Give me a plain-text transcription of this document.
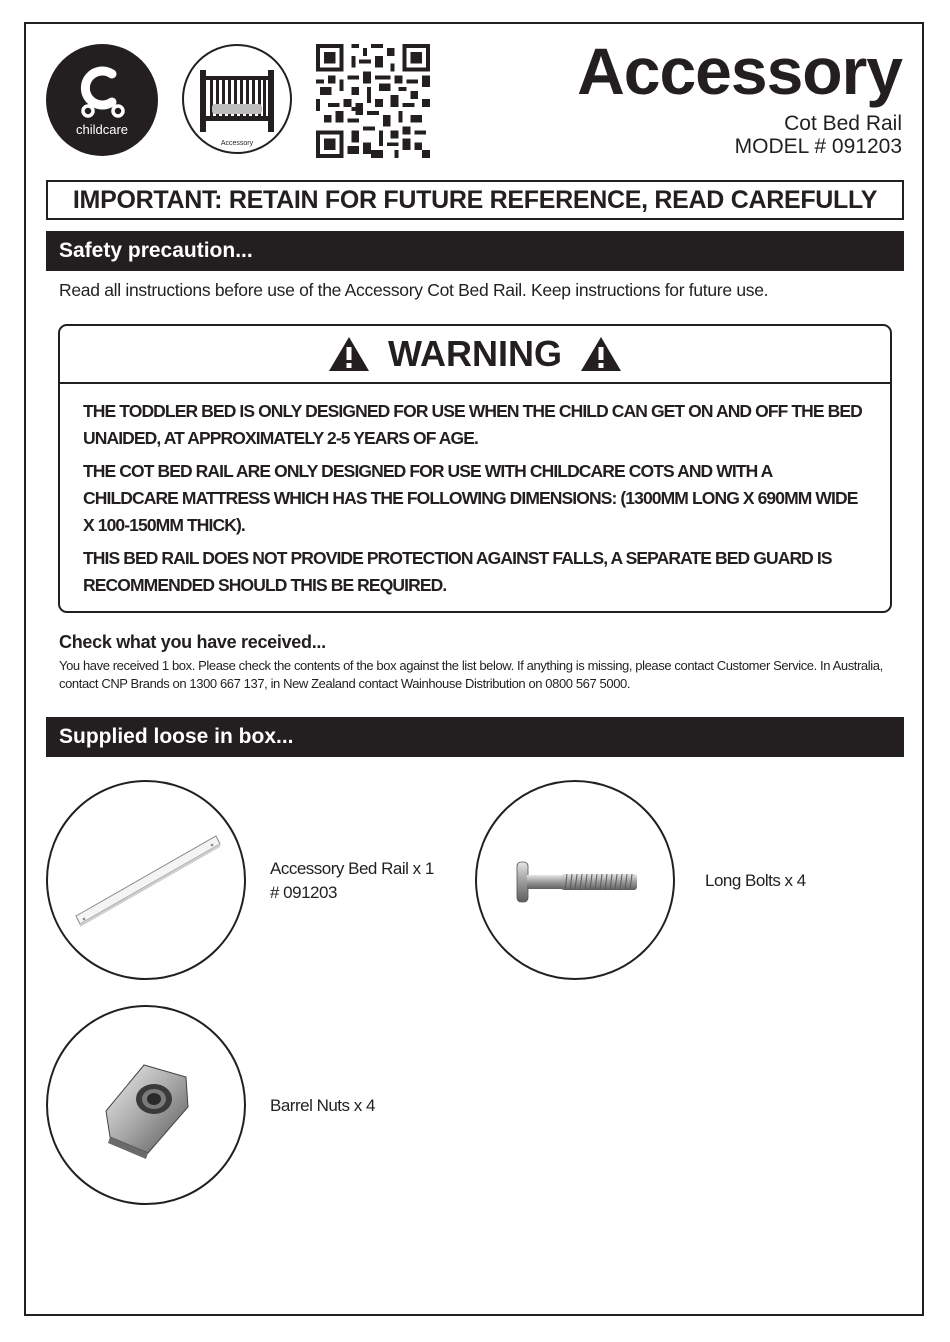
childcare
Accessory
Accessory
Cot Bed Rail
MODEL # 091203
IMPORTANT: RETAIN FOR FUTURE REFERENCE, READ CAREFULLY
Safety precaution...
Read all instructions before use of the Accessory Cot Bed Rail. Keep instructions for future use.
WARNING

THE TODDLER BED IS ONLY DESIGNED FOR USE WHEN THE CHILD CAN GET ON AND OFF THE BED UNAIDED, AT APPROXIMATELY 2-5 YEARS OF AGE.

THE COT BED RAIL ARE ONLY DESIGNED FOR USE WITH CHILDCARE COTS AND WITH A CHILDCARE MATTRESS WHICH HAS THE FOLLOWING DIMENSIONS: (1300MM LONG X 690MM WIDE X 100-150MM THICK).

THIS BED RAIL DOES NOT PROVIDE PROTECTION AGAINST FALLS, A SEPARATE BED GUARD IS RECOMMENDED SHOULD THIS BE REQUIRED.

Check what you have received...
You have received 1 box. Please check the contents of the box against the list below. If anything is missing, please contact Customer Service. In Australia, contact CNP Brands on 1300 667 137, in New Zealand contact Wainhouse Distribution on 0800 567 5000.
Supplied loose in box...
Accessory Bed Rail x 1
# 091203
Long Bolts x 4
Barrel Nuts x 4
